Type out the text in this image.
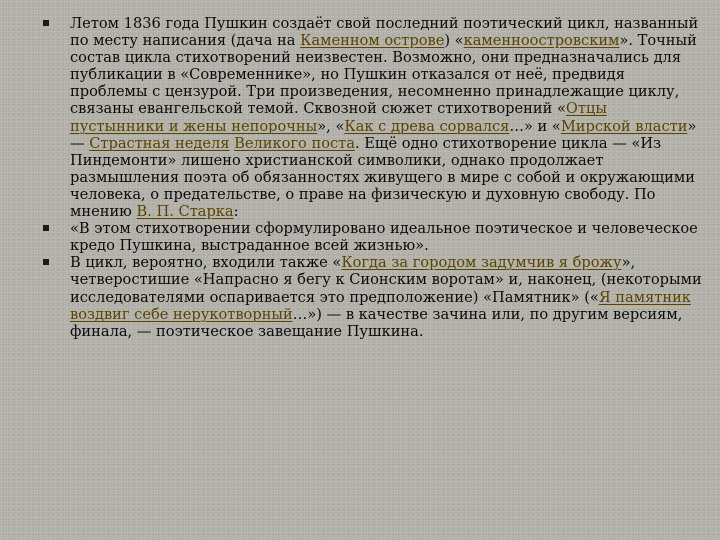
Летом 1836 года Пушкин создаёт свой последний поэтический цикл, названный по месту написания (дача на Каменном острове) «каменноостровским». Точный состав цикла стихотворений неизвестен. Возможно, они предназначались для публикации в «Современнике», но Пушкин отказался от неё, предвидя проблемы с цензурой. Три произведения, несомненно принадлежащие циклу, связаны евангельской темой. Сквозной сюжет стихотворений «Отцы пустынники и жены непорочны», «Как с древа сорвался…» и «Мирской власти» — Страстная неделя Великого поста. Ещё одно стихотворение цикла — «Из Пиндемонти» лишено христианской символики, однако продолжает размышления поэта об обязанностях живущего в мире с собой и окружающими человека, о предательстве, о праве на физическую и духовную свободу. По мнению В. П. Старка:
«В этом стихотворении сформулировано идеальное поэтическое и человеческое кредо Пушкина, выстраданное всей жизнью».
В цикл, вероятно, входили также «Когда за городом задумчив я брожу», четверостишие «Напрасно я бегу к Сионским воротам» и, наконец, (некоторыми исследователями оспаривается это предположение) «Памятник» («Я памятник воздвиг себе нерукотворный…») — в качестве зачина или, по другим версиям, финала, — поэтическое завещание Пушкина.
